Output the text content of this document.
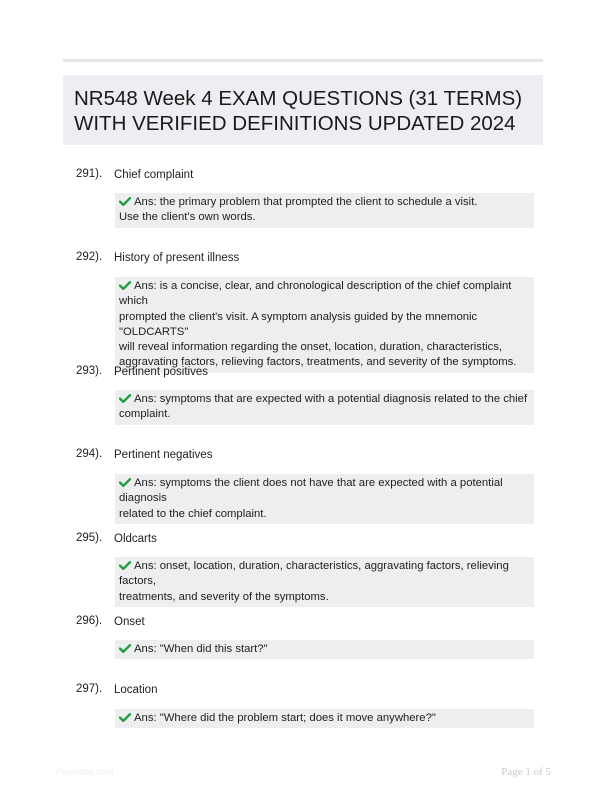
NR548 Week 4 EXAM QUESTIONS (31 TERMS)
WITH VERIFIED DEFINITIONS UPDATED 2024
291). Chief complaint
Ans: the primary problem that prompted the client to schedule a visit.
Use the client's own words.
292). History of present illness
Ans: is a concise, clear, and chronological description of the chief complaint which
prompted the client's visit. A symptom analysis guided by the mnemonic "OLDCARTS"
will reveal information regarding the onset, location, duration, characteristics,
aggravating factors, relieving factors, treatments, and severity of the symptoms.
293). Pertinent positives
Ans: symptoms that are expected with a potential diagnosis related to the chief
complaint.
294). Pertinent negatives
Ans: symptoms the client does not have that are expected with a potential diagnosis
related to the chief complaint.
295). Oldcarts
Ans: onset, location, duration, characteristics, aggravating factors, relieving factors,
treatments, and severity of the symptoms.
296). Onset
Ans: "When did this start?"
297). Location
Ans: "Where did the problem start; does it move anywhere?"
Paperlibe.com	Page 1 of 5
